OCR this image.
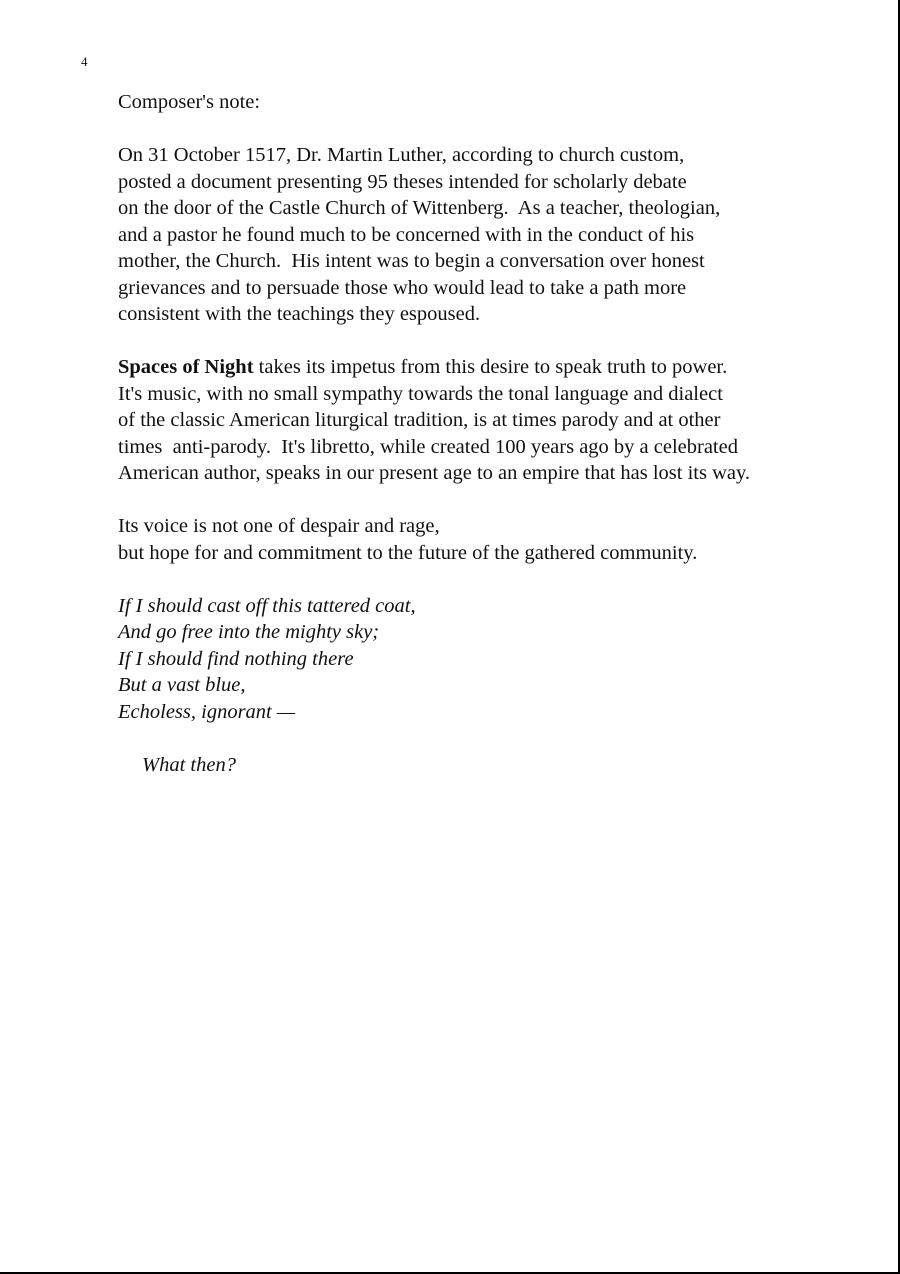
4
Composer's note:
On 31 October 1517, Dr. Martin Luther, according to church custom,
posted a document presenting 95 theses intended for scholarly debate
on the door of the Castle Church of Wittenberg.  As a teacher, theologian,
and a pastor he found much to be concerned with in the conduct of his
mother, the Church.  His intent was to begin a conversation over honest
grievances and to persuade those who would lead to take a path more
consistent with the teachings they espoused.
Spaces of Night takes its impetus from this desire to speak truth to power.
It's music, with no small sympathy towards the tonal language and dialect
of the classic American liturgical tradition, is at times parody and at other
times  anti-parody.  It's libretto, while created 100 years ago by a celebrated
American author, speaks in our present age to an empire that has lost its way.
Its voice is not one of despair and rage,
but hope for and commitment to the future of the gathered community.
If I should cast off this tattered coat,
And go free into the mighty sky;
If I should find nothing there
But a vast blue,
Echoless, ignorant —
What then?
